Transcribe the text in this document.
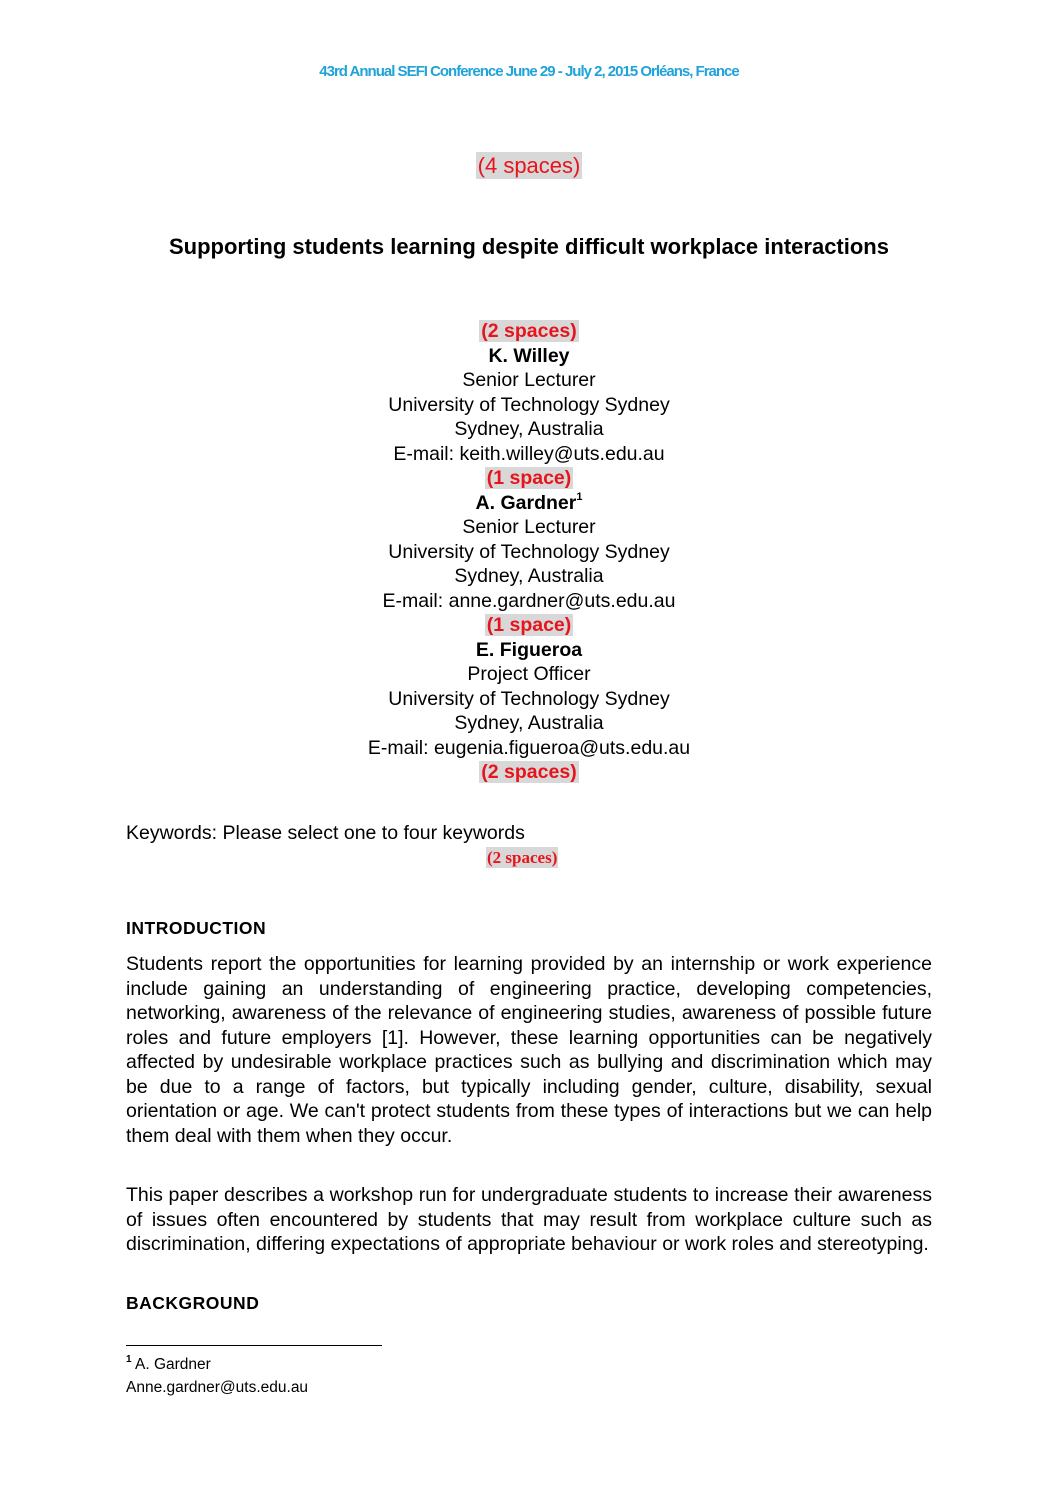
43rd Annual SEFI Conference June 29 - July 2, 2015 Orléans, France
(4 spaces)
Supporting students learning despite difficult workplace interactions
(2 spaces)
K. Willey
Senior Lecturer
University of Technology Sydney
Sydney, Australia
E-mail: keith.willey@uts.edu.au
(1 space)
A. Gardner$^1$
Senior Lecturer
University of Technology Sydney
Sydney, Australia
E-mail: anne.gardner@uts.edu.au
(1 space)
E. Figueroa
Project Officer
University of Technology Sydney
Sydney, Australia
E-mail: eugenia.figueroa@uts.edu.au
(2 spaces)
Keywords: Please select one to four keywords
(2 spaces)
INTRODUCTION

Students report the opportunities for learning provided by an internship or work experience include gaining an understanding of engineering practice, developing competencies, networking, awareness of the relevance of engineering studies, awareness of possible future roles and future employers [1]. However, these learning opportunities can be negatively affected by undesirable workplace practices such as bullying and discrimination which may be due to a range of factors, but typically including gender, culture, disability, sexual orientation or age. We can't protect students from these types of interactions but we can help them deal with them when they occur.

This paper describes a workshop run for undergraduate students to increase their awareness of issues often encountered by students that may result from workplace culture such as discrimination, differing expectations of appropriate behaviour or work roles and stereotyping.

BACKGROUND
$^1$ A. Gardner
Anne.gardner@uts.edu.au
